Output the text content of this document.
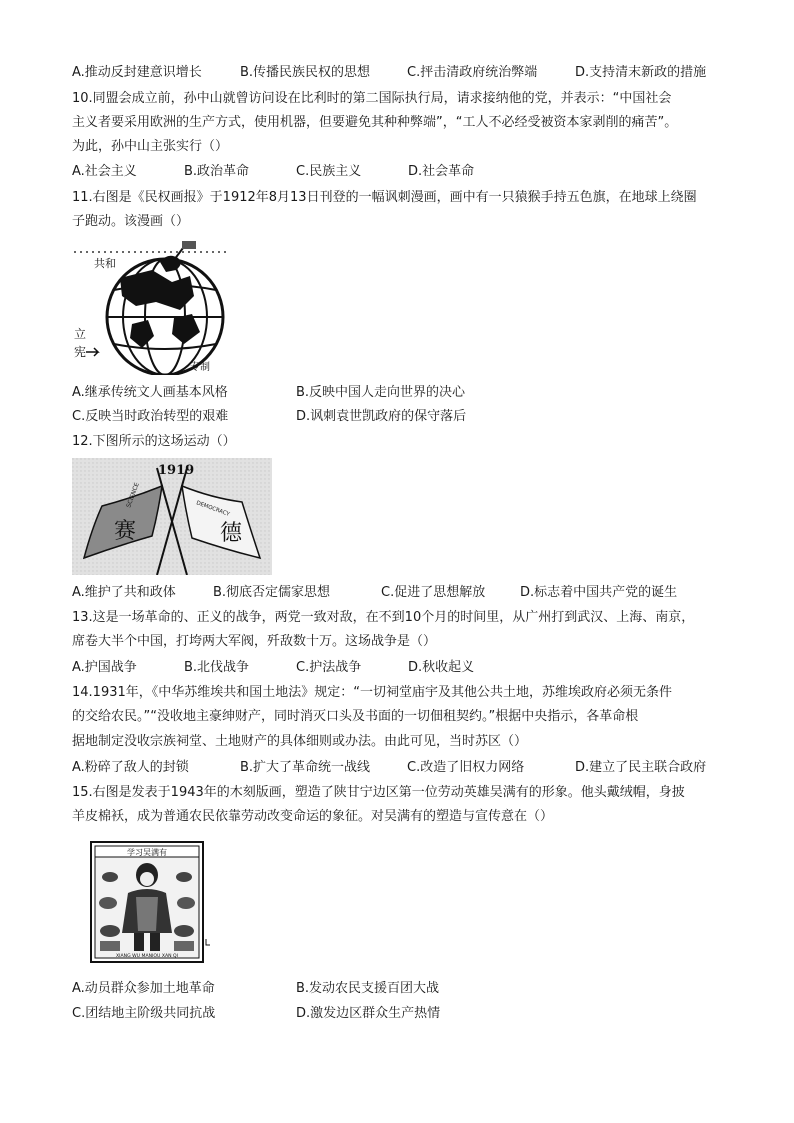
A.推动反封建意识增长	B.传播民族民权的思想	C.抨击清政府统治弊端	D.支持清末新政的措施
10.同盟会成立前，孙中山就曾访问设在比利时的第二国际执行局，请求接纳他的党，并表示：“中国社会
主义者要采用欧洲的生产方式，使用机器，但要避免其种种弊端”，“工人不必经受被资本家剥削的痛苦”。
为此，孙中山主张实行（）
A.社会主义	B.政治革命	C.民族主义	D.社会革命
11.右图是《民权画报》于1912年8月13日刊登的一幅讽刺漫画，画中有一只猿猴手持五色旗，在地球上绕圈
子跑动。该漫画（）
共和
立
宪
专制
A.继承传统文人画基本风格	B.反映中国人走向世界的决心
C.反映当时政治转型的艰难	D.讽刺袁世凯政府的保守落后
12.下图所示的这场运动（）
赛
SCIENCE
德
DEMOCRACY
1919
A.维护了共和政体	B.彻底否定儒家思想	C.促进了思想解放	D.标志着中国共产党的诞生
13.这是一场革命的、正义的战争，两党一致对敌，在不到10个月的时间里，从广州打到武汉、上海、南京，
席卷大半个中国，打垮两大军阀，歼敌数十万。这场战争是（）
A.护国战争	B.北伐战争	C.护法战争	D.秋收起义
14.1931年，《中华苏维埃共和国土地法》规定：“一切祠堂庙宇及其他公共土地，苏维埃政府必须无条件
的交给农民。”“没收地主豪绅财产，同时消灭口头及书面的一切佃租契约。”根据中央指示，各革命根
据地制定没收宗族祠堂、土地财产的具体细则或办法。由此可见，当时苏区（）
A.粉碎了敌人的封锁	B.扩大了革命统一战线	C.改造了旧权力网络	D.建立了民主联合政府
15.右图是发表于1943年的木刻版画，塑造了陕甘宁边区第一位劳动英雄吴满有的形象。他头戴绒帽，身披
羊皮棉袄，成为普通农民依靠劳动改变命运的象征。对吴满有的塑造与宣传意在（）
学习吴满有
XIANG WU MANIOU XAN QI
A.动员群众参加土地革命	B.发动农民支援百团大战
C.团结地主阶级共同抗战	D.激发边区群众生产热情
